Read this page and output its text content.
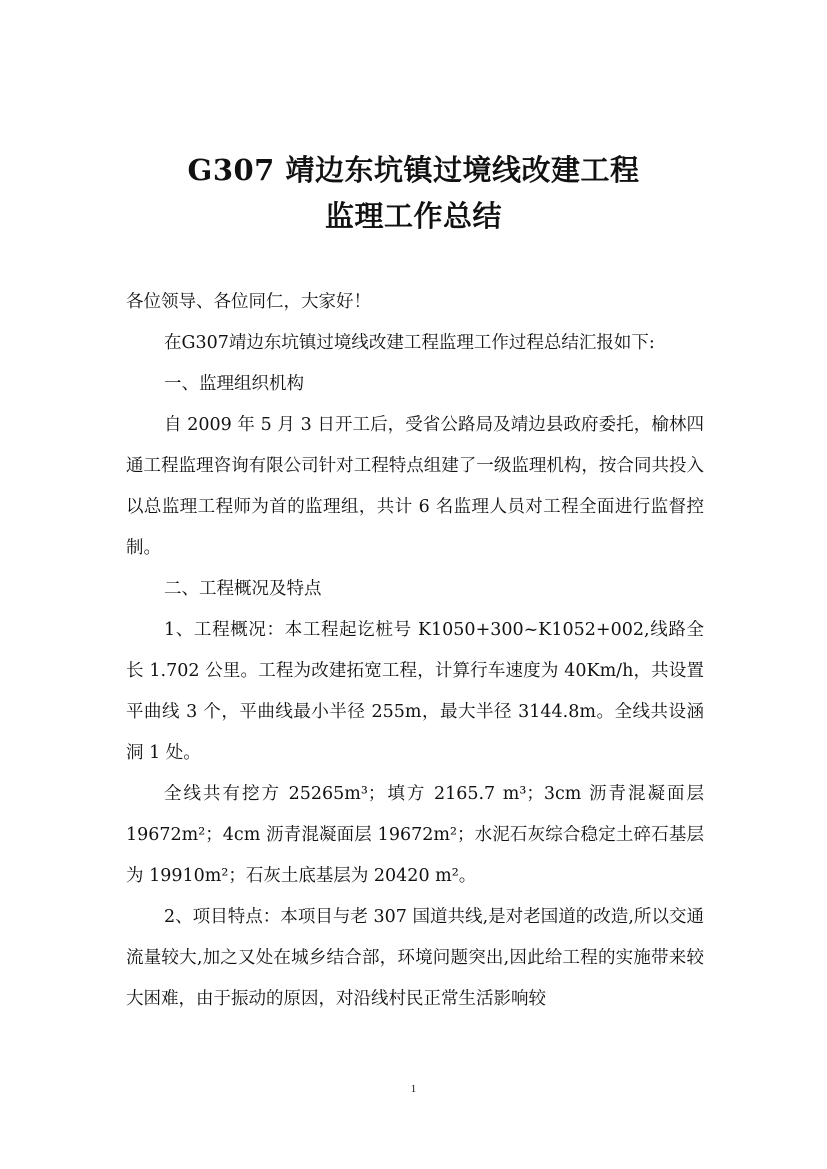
G307 靖边东坑镇过境线改建工程
监理工作总结

各位领导、各位同仁，大家好！

在G307靖边东坑镇过境线改建工程监理工作过程总结汇报如下:

一、监理组织机构

自 2009 年 5 月 3 日开工后，受省公路局及靖边县政府委托，榆林四通工程监理咨询有限公司针对工程特点组建了一级监理机构，按合同共投入以总监理工程师为首的监理组，共计 6 名监理人员对工程全面进行监督控制。

二、工程概况及特点

1、工程概况：本工程起讫桩号 K1050+300~K1052+002,线路全长 1.702 公里。工程为改建拓宽工程，计算行车速度为 40Km/h，共设置平曲线 3 个，平曲线最小半径 255m，最大半径 3144.8m。全线共设涵洞 1 处。

全线共有挖方 25265m³；填方 2165.7 m³；3cm 沥青混凝面层 19672m²；4cm 沥青混凝面层 19672m²；水泥石灰综合稳定土碎石基层为 19910m²；石灰土底基层为 20420 m²。

2、项目特点：本项目与老 307 国道共线,是对老国道的改造,所以交通流量较大,加之又处在城乡结合部，环境问题突出,因此给工程的实施带来较大困难，由于振动的原因，对沿线村民正常生活影响较

1
